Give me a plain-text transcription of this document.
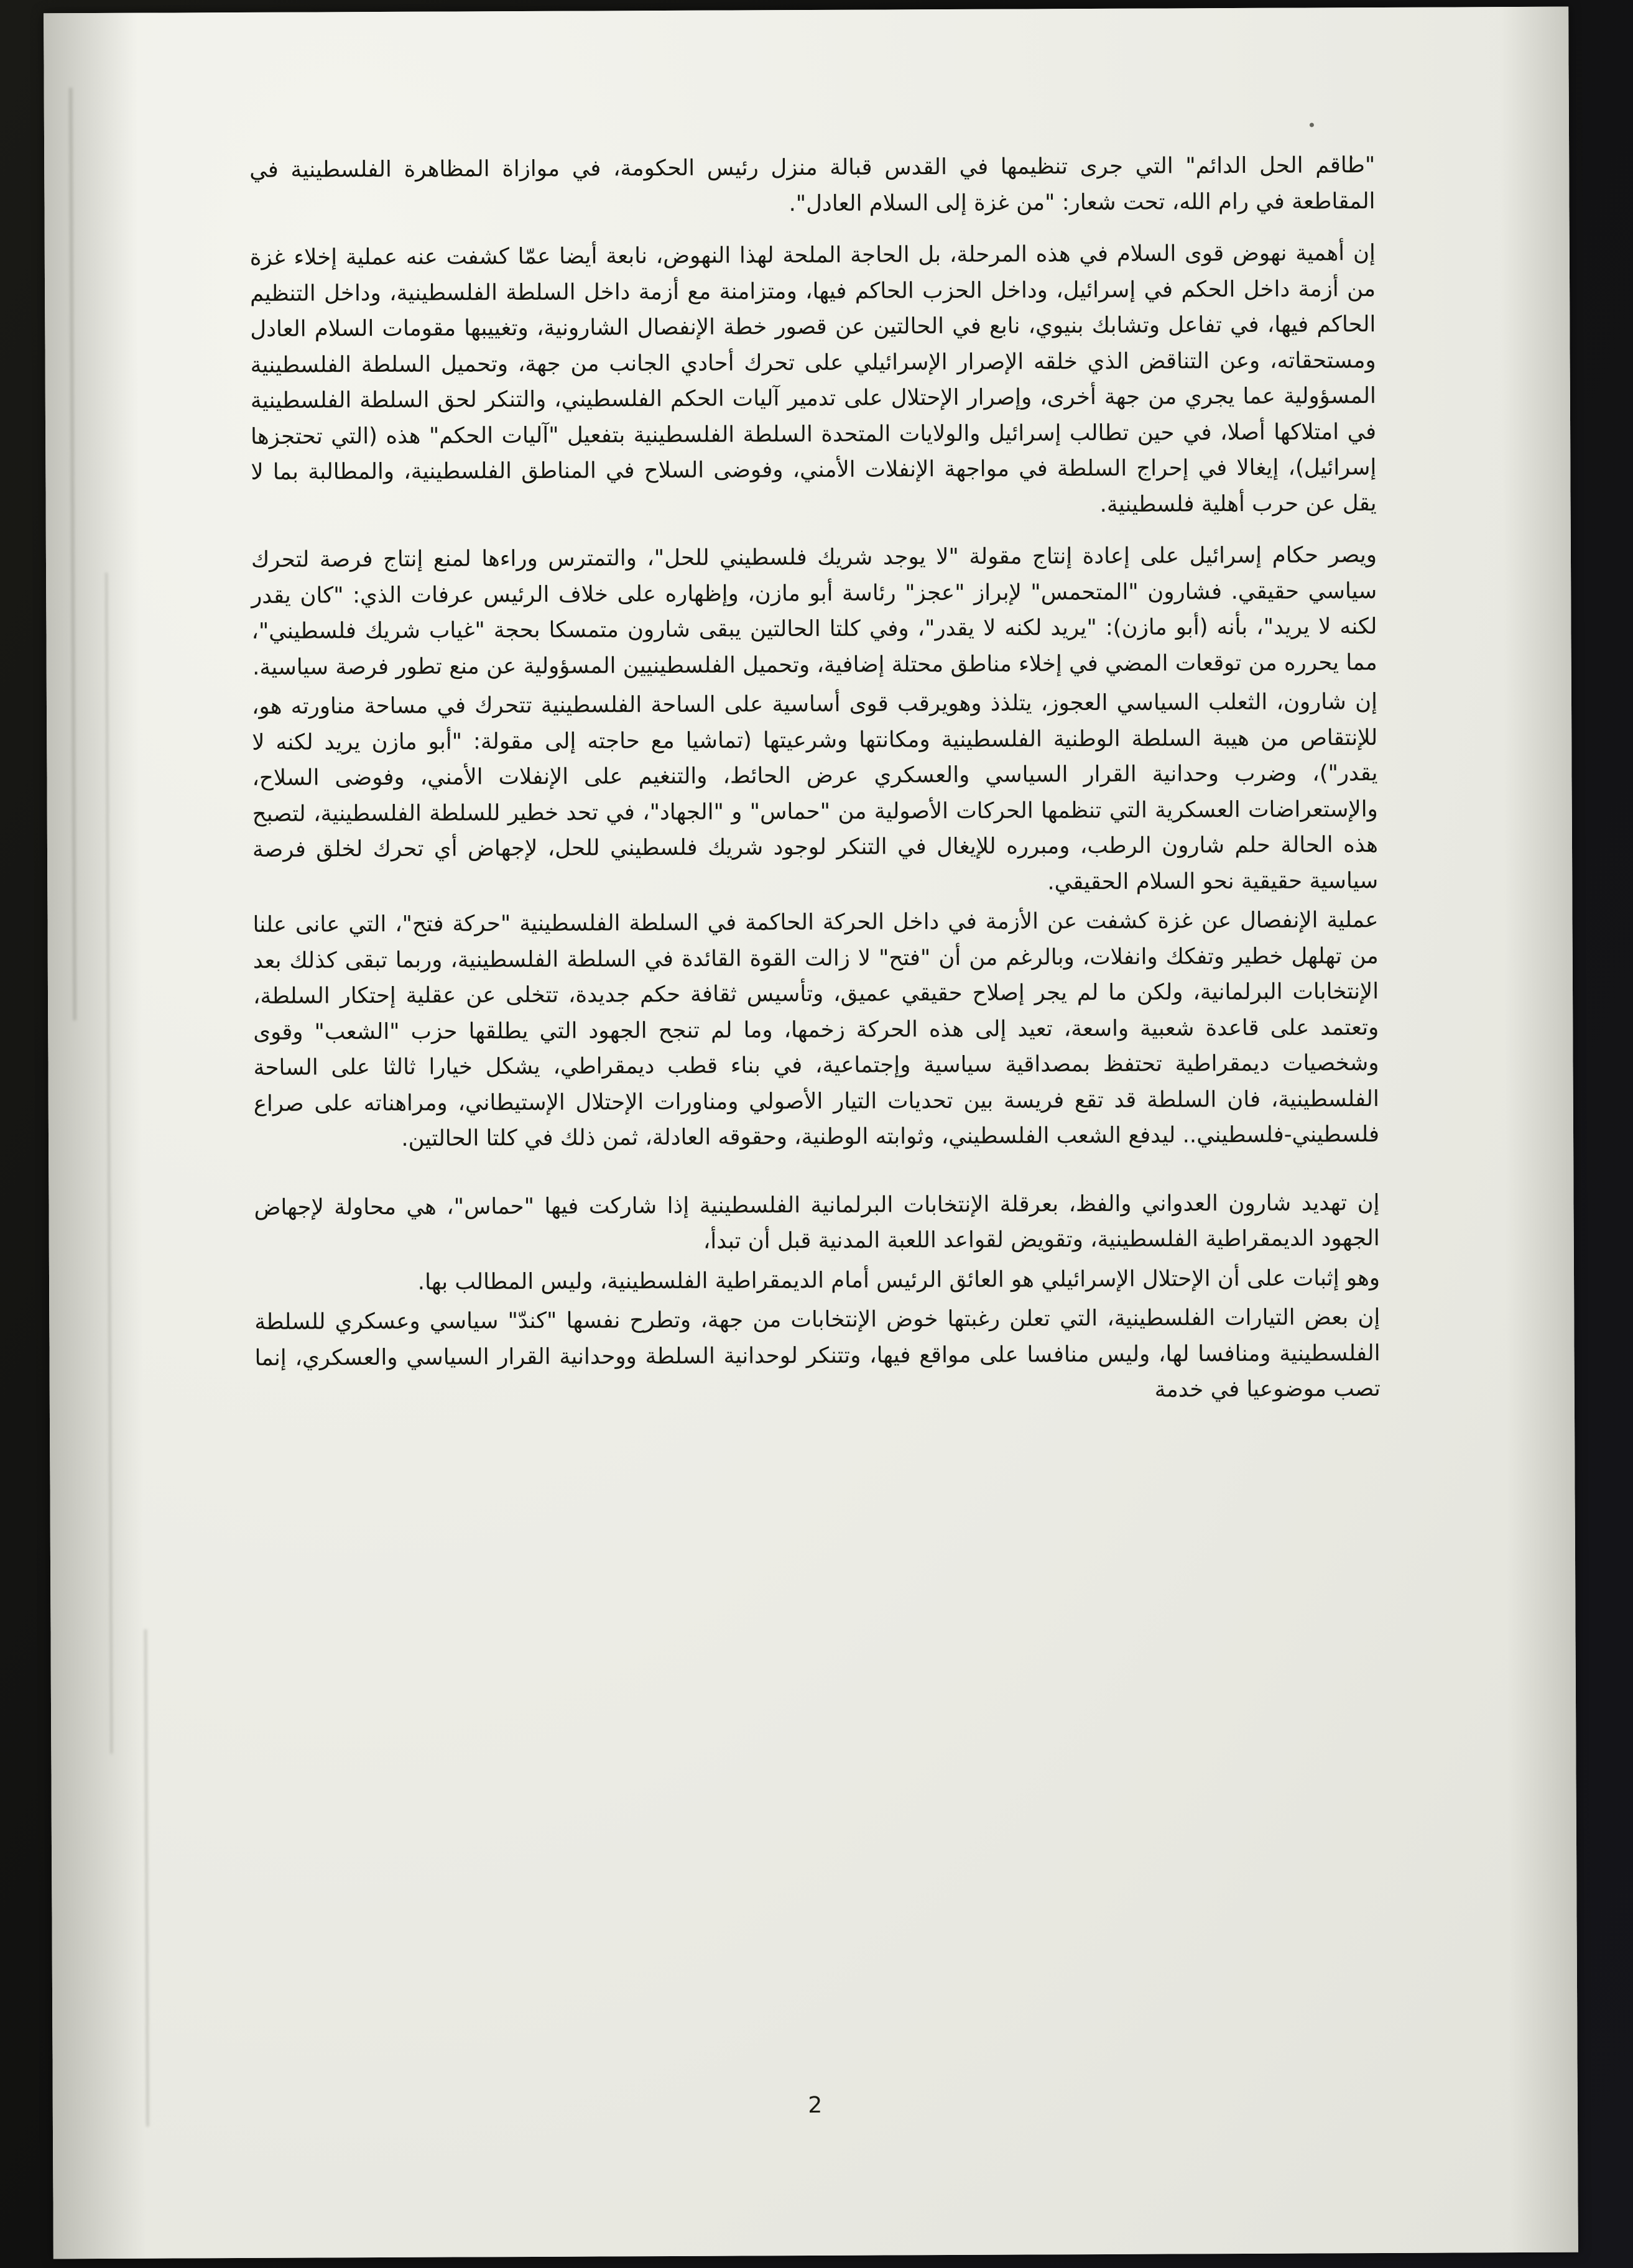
"طاقم الحل الدائم" التي جرى تنظيمها في القدس قبالة منزل رئيس الحكومة، في موازاة المظاهرة الفلسطينية في المقاطعة في رام الله، تحت شعار: "من غزة إلى السلام العادل".

إن أهمية نهوض قوى السلام في هذه المرحلة، بل الحاجة الملحة لهذا النهوض، نابعة أيضا عمّا كشفت عنه عملية إخلاء غزة من أزمة داخل الحكم في إسرائيل، وداخل الحزب الحاكم فيها، ومتزامنة مع أزمة داخل السلطة الفلسطينية، وداخل التنظيم الحاكم فيها، في تفاعل وتشابك بنيوي، نابع في الحالتين عن قصور خطة الإنفصال الشارونية، وتغييبها مقومات السلام العادل ومستحقاته، وعن التناقض الذي خلقه الإصرار الإسرائيلي على تحرك أحادي الجانب من جهة، وتحميل السلطة الفلسطينية المسؤولية عما يجري من جهة أخرى، وإصرار الإحتلال على تدمير آليات الحكم الفلسطيني، والتنكر لحق السلطة الفلسطينية في امتلاكها أصلا، في حين تطالب إسرائيل والولايات المتحدة السلطة الفلسطينية بتفعيل "آليات الحكم" هذه (التي تحتجزها إسرائيل)، إيغالا في إحراج السلطة في مواجهة الإنفلات الأمني، وفوضى السلاح في المناطق الفلسطينية، والمطالبة بما لا يقل عن حرب أهلية فلسطينية.

ويصر حكام إسرائيل على إعادة إنتاج مقولة "لا يوجد شريك فلسطيني للحل"، والتمترس وراءها لمنع إنتاج فرصة لتحرك سياسي حقيقي. فشارون "المتحمس" لإبراز "عجز" رئاسة أبو مازن، وإظهاره على خلاف الرئيس عرفات الذي: "كان يقدر لكنه لا يريد"، بأنه (أبو مازن): "يريد لكنه لا يقدر"، وفي كلتا الحالتين يبقى شارون متمسكا بحجة "غياب شريك فلسطيني"، مما يحرره من توقعات المضي في إخلاء مناطق محتلة إضافية، وتحميل الفلسطينيين المسؤولية عن منع تطور فرصة سياسية.

إن شارون، الثعلب السياسي العجوز، يتلذذ وهويرقب قوى أساسية على الساحة الفلسطينية تتحرك في مساحة مناورته هو، للإنتقاص من هيبة السلطة الوطنية الفلسطينية ومكانتها وشرعيتها (تماشيا مع حاجته إلى مقولة: "أبو مازن يريد لكنه لا يقدر")، وضرب وحدانية القرار السياسي والعسكري عرض الحائط، والتنغيم على الإنفلات الأمني، وفوضى السلاح، والإستعراضات العسكرية التي تنظمها الحركات الأصولية من "حماس" و "الجهاد"، في تحد خطير للسلطة الفلسطينية، لتصبح هذه الحالة حلم شارون الرطب، ومبرره للإيغال في التنكر لوجود شريك فلسطيني للحل، لإجهاض أي تحرك لخلق فرصة سياسية حقيقية نحو السلام الحقيقي.

عملية الإنفصال عن غزة كشفت عن الأزمة في داخل الحركة الحاكمة في السلطة الفلسطينية "حركة فتح"، التي عانى علنا من تهلهل خطير وتفكك وانفلات، وبالرغم من أن "فتح" لا زالت القوة القائدة في السلطة الفلسطينية، وربما تبقى كذلك بعد الإنتخابات البرلمانية، ولكن ما لم يجر إصلاح حقيقي عميق، وتأسيس ثقافة حكم جديدة، تتخلى عن عقلية إحتكار السلطة، وتعتمد على قاعدة شعبية واسعة، تعيد إلى هذه الحركة زخمها، وما لم تنجح الجهود التي يطلقها حزب "الشعب" وقوى وشخصيات ديمقراطية تحتفظ بمصداقية سياسية وإجتماعية، في بناء قطب ديمقراطي، يشكل خيارا ثالثا على الساحة الفلسطينية، فان السلطة قد تقع فريسة بين تحديات التيار الأصولي ومناورات الإحتلال الإستيطاني، ومراهناته على صراع فلسطيني-فلسطيني.. ليدفع الشعب الفلسطيني، وثوابته الوطنية، وحقوقه العادلة، ثمن ذلك في كلتا الحالتين.

إن تهديد شارون العدواني والفظ، بعرقلة الإنتخابات البرلمانية الفلسطينية إذا شاركت فيها "حماس"، هي محاولة لإجهاض الجهود الديمقراطية الفلسطينية، وتقويض لقواعد اللعبة المدنية قبل أن تبدأ،

وهو إثبات على أن الإحتلال الإسرائيلي هو العائق الرئيس أمام الديمقراطية الفلسطينية، وليس المطالب بها.

إن بعض التيارات الفلسطينية، التي تعلن رغبتها خوض الإنتخابات من جهة، وتطرح نفسها "كندّ" سياسي وعسكري للسلطة الفلسطينية ومنافسا لها، وليس منافسا على مواقع فيها، وتتنكر لوحدانية السلطة ووحدانية القرار السياسي والعسكري، إنما تصب موضوعيا في خدمة

2
